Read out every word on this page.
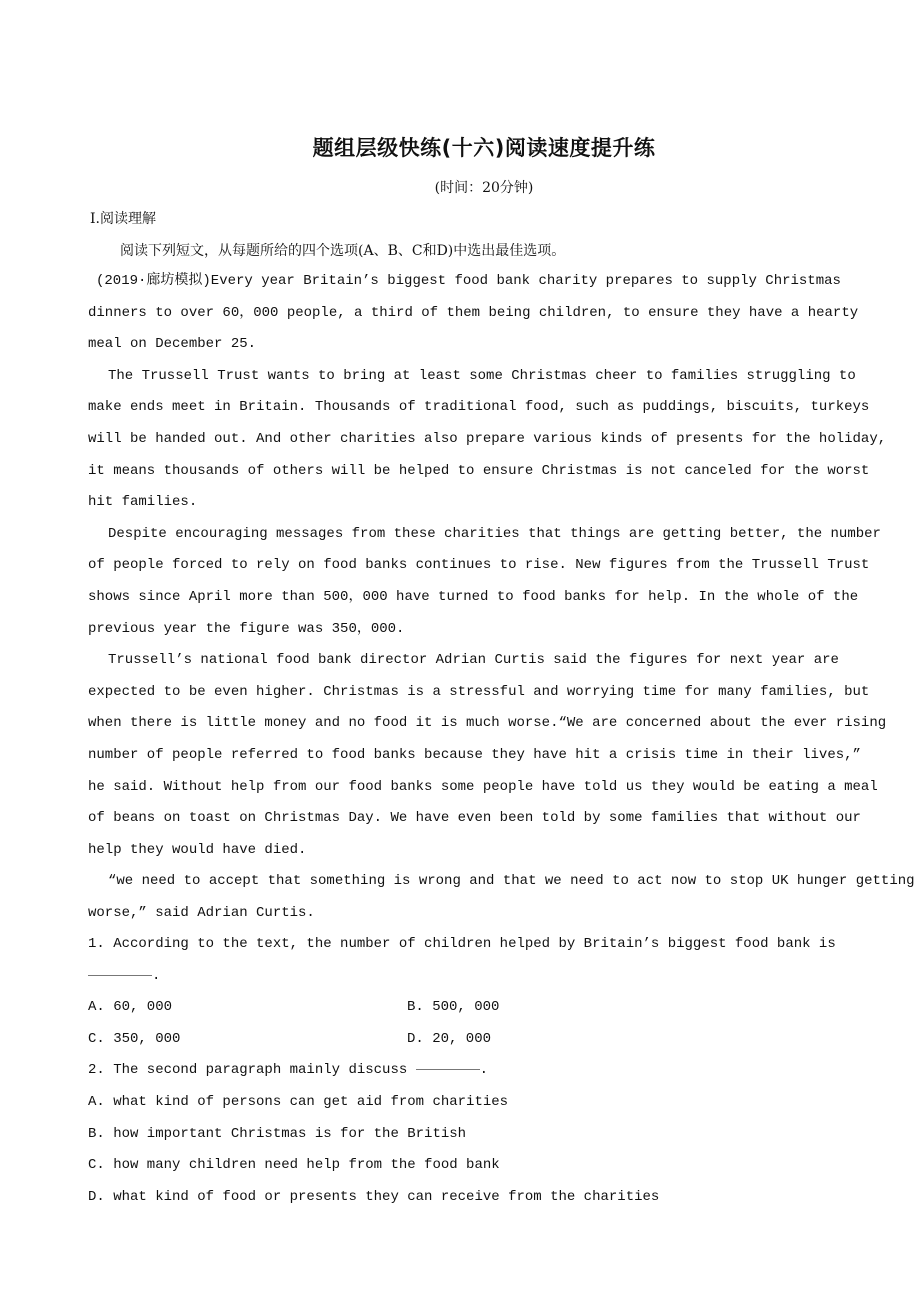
题组层级快练(十六)阅读速度提升练
(时间：20分钟)
Ⅰ.阅读理解
阅读下列短文，从每题所给的四个选项(A、B、C和D)中选出最佳选项。
(2019·廊坊模拟)Every year Britain’s biggest food bank charity prepares to supply Christmas
dinners to over 60，000 people, a third of them being children, to ensure they have a hearty
meal on December 25.
The Trussell Trust wants to bring at least some Christmas cheer to families struggling to
make ends meet in Britain. Thousands of traditional food, such as puddings, biscuits, turkeys
will be handed out. And other charities also prepare various kinds of presents for the holiday,
it means thousands of others will be helped to ensure Christmas is not canceled for the worst
hit families.
Despite encouraging messages from these charities that things are getting better, the number
of people forced to rely on food banks continues to rise. New figures from the Trussell Trust
shows since April more than 500，000 have turned to food banks for help. In the whole of the
previous year the figure was 350，000.
Trussell’s national food bank director Adrian Curtis said the figures for next year are
expected to be even higher. Christmas is a stressful and worrying time for many families, but
when there is little money and no food it is much worse.“We are concerned about the ever rising
number of people referred to food banks because they have hit a crisis time in their lives,”
he said. Without help from our food banks some people have told us they would be eating a meal
of beans on toast on Christmas Day. We have even been told by some families that without our
help they would have died.
“we need to accept that something is wrong and that we need to act now to stop UK hunger getting
worse,” said Adrian Curtis.
1. According to the text, the number of children helped by Britain’s biggest food bank is
.
A. 60, 000	B. 500, 000
C. 350, 000	D. 20, 000
2. The second paragraph mainly discuss
	.
A. what kind of persons can get aid from charities
B. how important Christmas is for the British
C. how many children need help from the food bank
D. what kind of food or presents they can receive from the charities
